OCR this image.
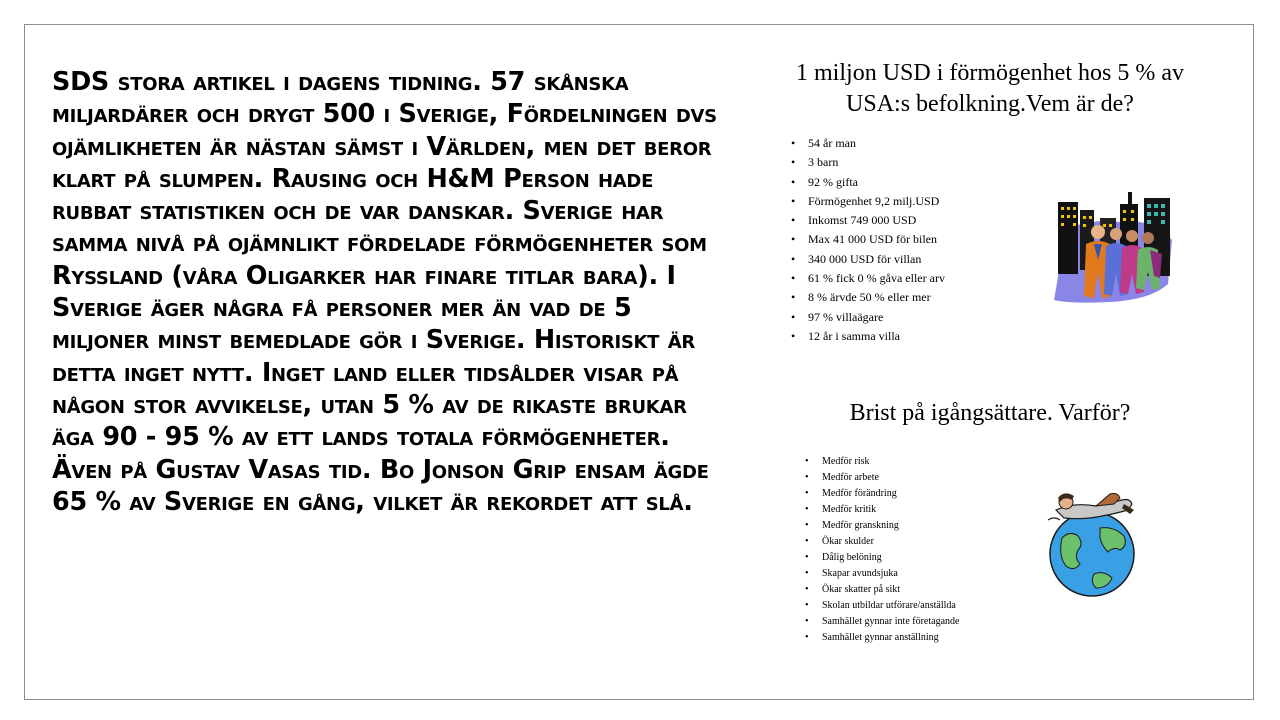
SDS stora artikel i dagens tidning. 57 skånska miljardärer och drygt 500 i Sverige, Fördelningen dvs ojämlikheten är nästan sämst i Världen, men det beror klart på slumpen. Rausing och H&M Person hade rubbat statistiken och de var danskar. Sverige har samma nivå på ojämnlikt fördelade förmögenheter som Ryssland (våra Oligarker har finare titlar bara). I Sverige äger några få personer mer än vad de 5 miljoner minst bemedlade gör i Sverige. Historiskt är detta inget nytt. Inget land eller tidsålder visar på någon stor avvikelse, utan 5 % av de rikaste brukar äga 90 - 95 % av ett lands totala förmögenheter. Även på Gustav Vasas tid. Bo Jonson Grip ensam ägde 65 % av Sverige en gång, vilket är rekordet att slå.

1 miljon USD i förmögenhet hos 5 % av USA:s befolkning.Vem är de?

• 54 år man
• 3 barn
• 92 % gifta
• Förmögenhet 9,2 milj.USD
• Inkomst 749 000 USD
• Max 41 000 USD för bilen
• 340 000 USD för villan
• 61 % fick 0 % gåva eller arv
• 8 % ärvde 50 % eller mer
• 97 % villaägare
• 12 år i samma villa

Brist på igångsättare. Varför?

• Medför risk
• Medför arbete
• Medför förändring
• Medför kritik
• Medför granskning
• Ökar skulder
• Dålig belöning
• Skapar avundsjuka
• Ökar skatter på sikt
• Skolan utbildar utförare/anställda
• Samhället gynnar inte företagande
• Samhället gynnar anställning
